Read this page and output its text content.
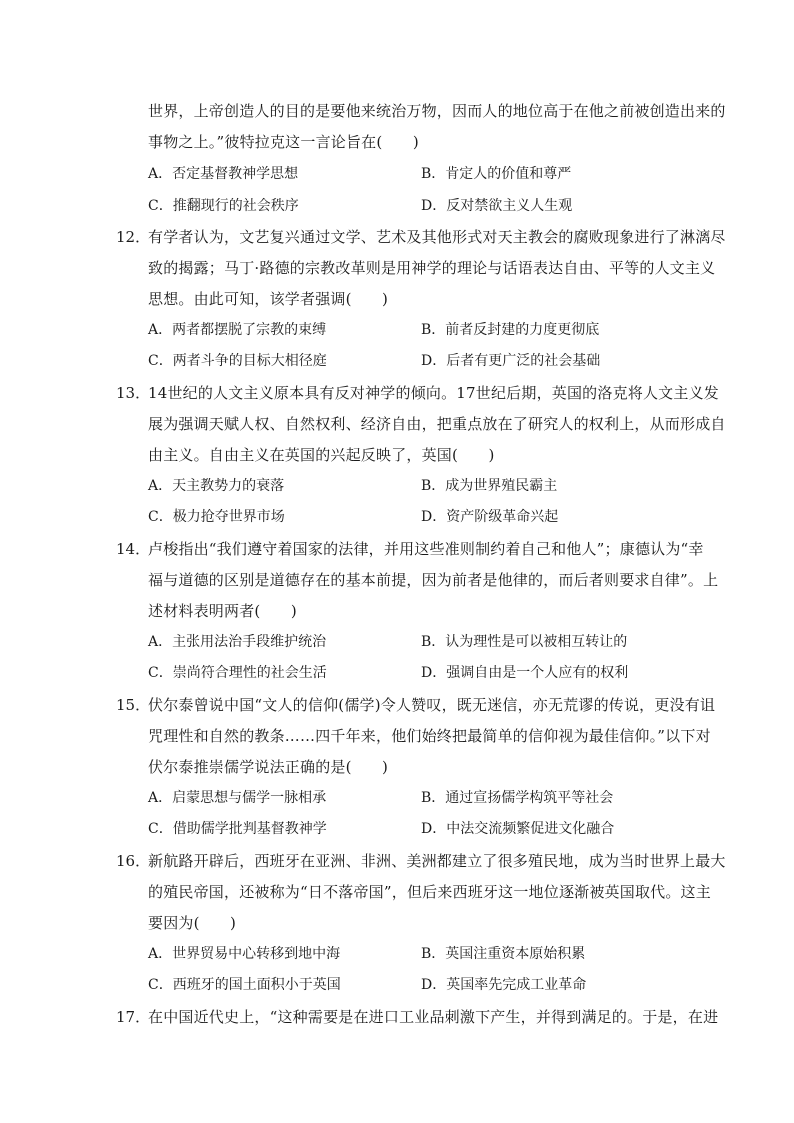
世界，上帝创造人的目的是要他来统治万物，因而人的地位高于在他之前被创造出来的
事物之上。”彼特拉克这一言论旨在(　　)
A．否定基督教神学思想	B．肯定人的价值和尊严
C．推翻现行的社会秩序	D．反对禁欲主义人生观
12．
有学者认为，文艺复兴通过文学、艺术及其他形式对天主教会的腐败现象进行了淋漓尽
致的揭露；马丁·路德的宗教改革则是用神学的理论与话语表达自由、平等的人文主义
思想。由此可知，该学者强调(　　)
A．两者都摆脱了宗教的束缚	B．前者反封建的力度更彻底
C．两者斗争的目标大相径庭	D．后者有更广泛的社会基础
13．
14世纪的人文主义原本具有反对神学的倾向。17世纪后期，英国的洛克将人文主义发
展为强调天赋人权、自然权利、经济自由，把重点放在了研究人的权利上，从而形成自
由主义。自由主义在英国的兴起反映了，英国(　　)
A．天主教势力的衰落	B．成为世界殖民霸主
C．极力抢夺世界市场	D．资产阶级革命兴起
14．
卢梭指出“我们遵守着国家的法律，并用这些准则制约着自己和他人”；康德认为“幸
福与道德的区别是道德存在的基本前提，因为前者是他律的，而后者则要求自律”。上
述材料表明两者(　　)
A．主张用法治手段维护统治	B．认为理性是可以被相互转让的
C．崇尚符合理性的社会生活	D．强调自由是一个人应有的权利
15．
伏尔泰曾说中国“文人的信仰(儒学)令人赞叹，既无迷信，亦无荒谬的传说，更没有诅
咒理性和自然的教条……四千年来，他们始终把最简单的信仰视为最佳信仰。”以下对
伏尔泰推崇儒学说法正确的是(　　)
A．启蒙思想与儒学一脉相承	B．通过宣扬儒学构筑平等社会
C．借助儒学批判基督教神学	D．中法交流频繁促进文化融合
16．
新航路开辟后，西班牙在亚洲、非洲、美洲都建立了很多殖民地，成为当时世界上最大
的殖民帝国，还被称为“日不落帝国”，但后来西班牙这一地位逐渐被英国取代。这主
要因为(　　)
A．世界贸易中心转移到地中海	B．英国注重资本原始积累
C．西班牙的国土面积小于英国	D．英国率先完成工业革命
17．
在中国近代史上，“这种需要是在进口工业品刺激下产生，并得到满足的。于是，在进
